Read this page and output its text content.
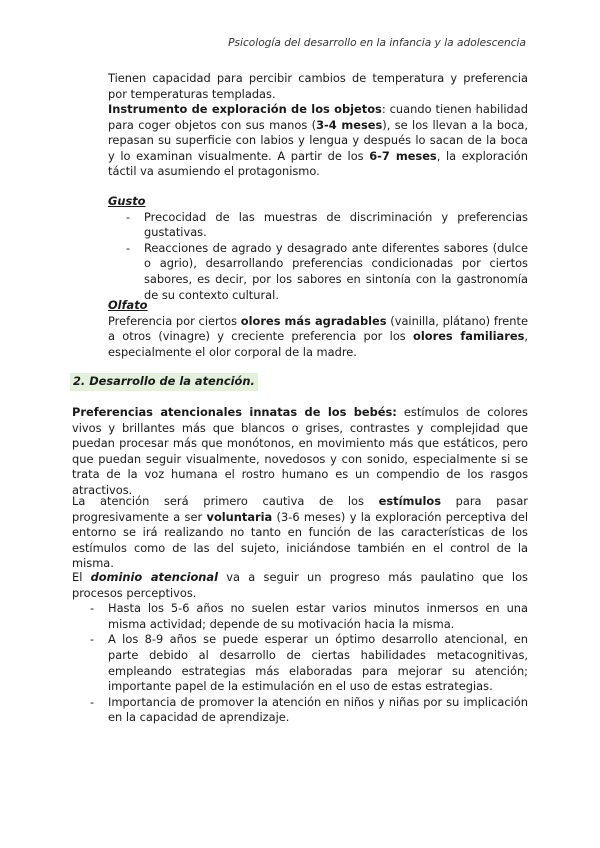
Psicología del desarrollo en la infancia y la adolescencia
Tienen capacidad para percibir cambios de temperatura y preferencia por temperaturas templadas.
Instrumento de exploración de los objetos: cuando tienen habilidad para coger objetos con sus manos (3-4 meses), se los llevan a la boca, repasan su superficie con labios y lengua y después lo sacan de la boca y lo examinan visualmente. A partir de los 6-7 meses, la exploración táctil va asumiendo el protagonismo.
Gusto
- Precocidad de las muestras de discriminación y preferencias gustativas.
- Reacciones de agrado y desagrado ante diferentes sabores (dulce o agrio), desarrollando preferencias condicionadas por ciertos sabores, es decir, por los sabores en sintonía con la gastronomía de su contexto cultural.
Olfato
Preferencia por ciertos olores más agradables (vainilla, plátano) frente a otros (vinagre) y creciente preferencia por los olores familiares, especialmente el olor corporal de la madre.
2. Desarrollo de la atención.
Preferencias atencionales innatas de los bebés: estímulos de colores vivos y brillantes más que blancos o grises, contrastes y complejidad que puedan procesar más que monótonos, en movimiento más que estáticos, pero que puedan seguir visualmente, novedosos y con sonido, especialmente si se trata de la voz humana el rostro humano es un compendio de los rasgos atractivos.
La atención será primero cautiva de los estímulos para pasar progresivamente a ser voluntaria (3-6 meses) y la exploración perceptiva del entorno se irá realizando no tanto en función de las características de los estímulos como de las del sujeto, iniciándose también en el control de la misma.
El dominio atencional va a seguir un progreso más paulatino que los procesos perceptivos.
- Hasta los 5-6 años no suelen estar varios minutos inmersos en una misma actividad; depende de su motivación hacia la misma.
- A los 8-9 años se puede esperar un óptimo desarrollo atencional, en parte debido al desarrollo de ciertas habilidades metacognitivas, empleando estrategias más elaboradas para mejorar su atención; importante papel de la estimulación en el uso de estas estrategias.
- Importancia de promover la atención en niños y niñas por su implicación en la capacidad de aprendizaje.
